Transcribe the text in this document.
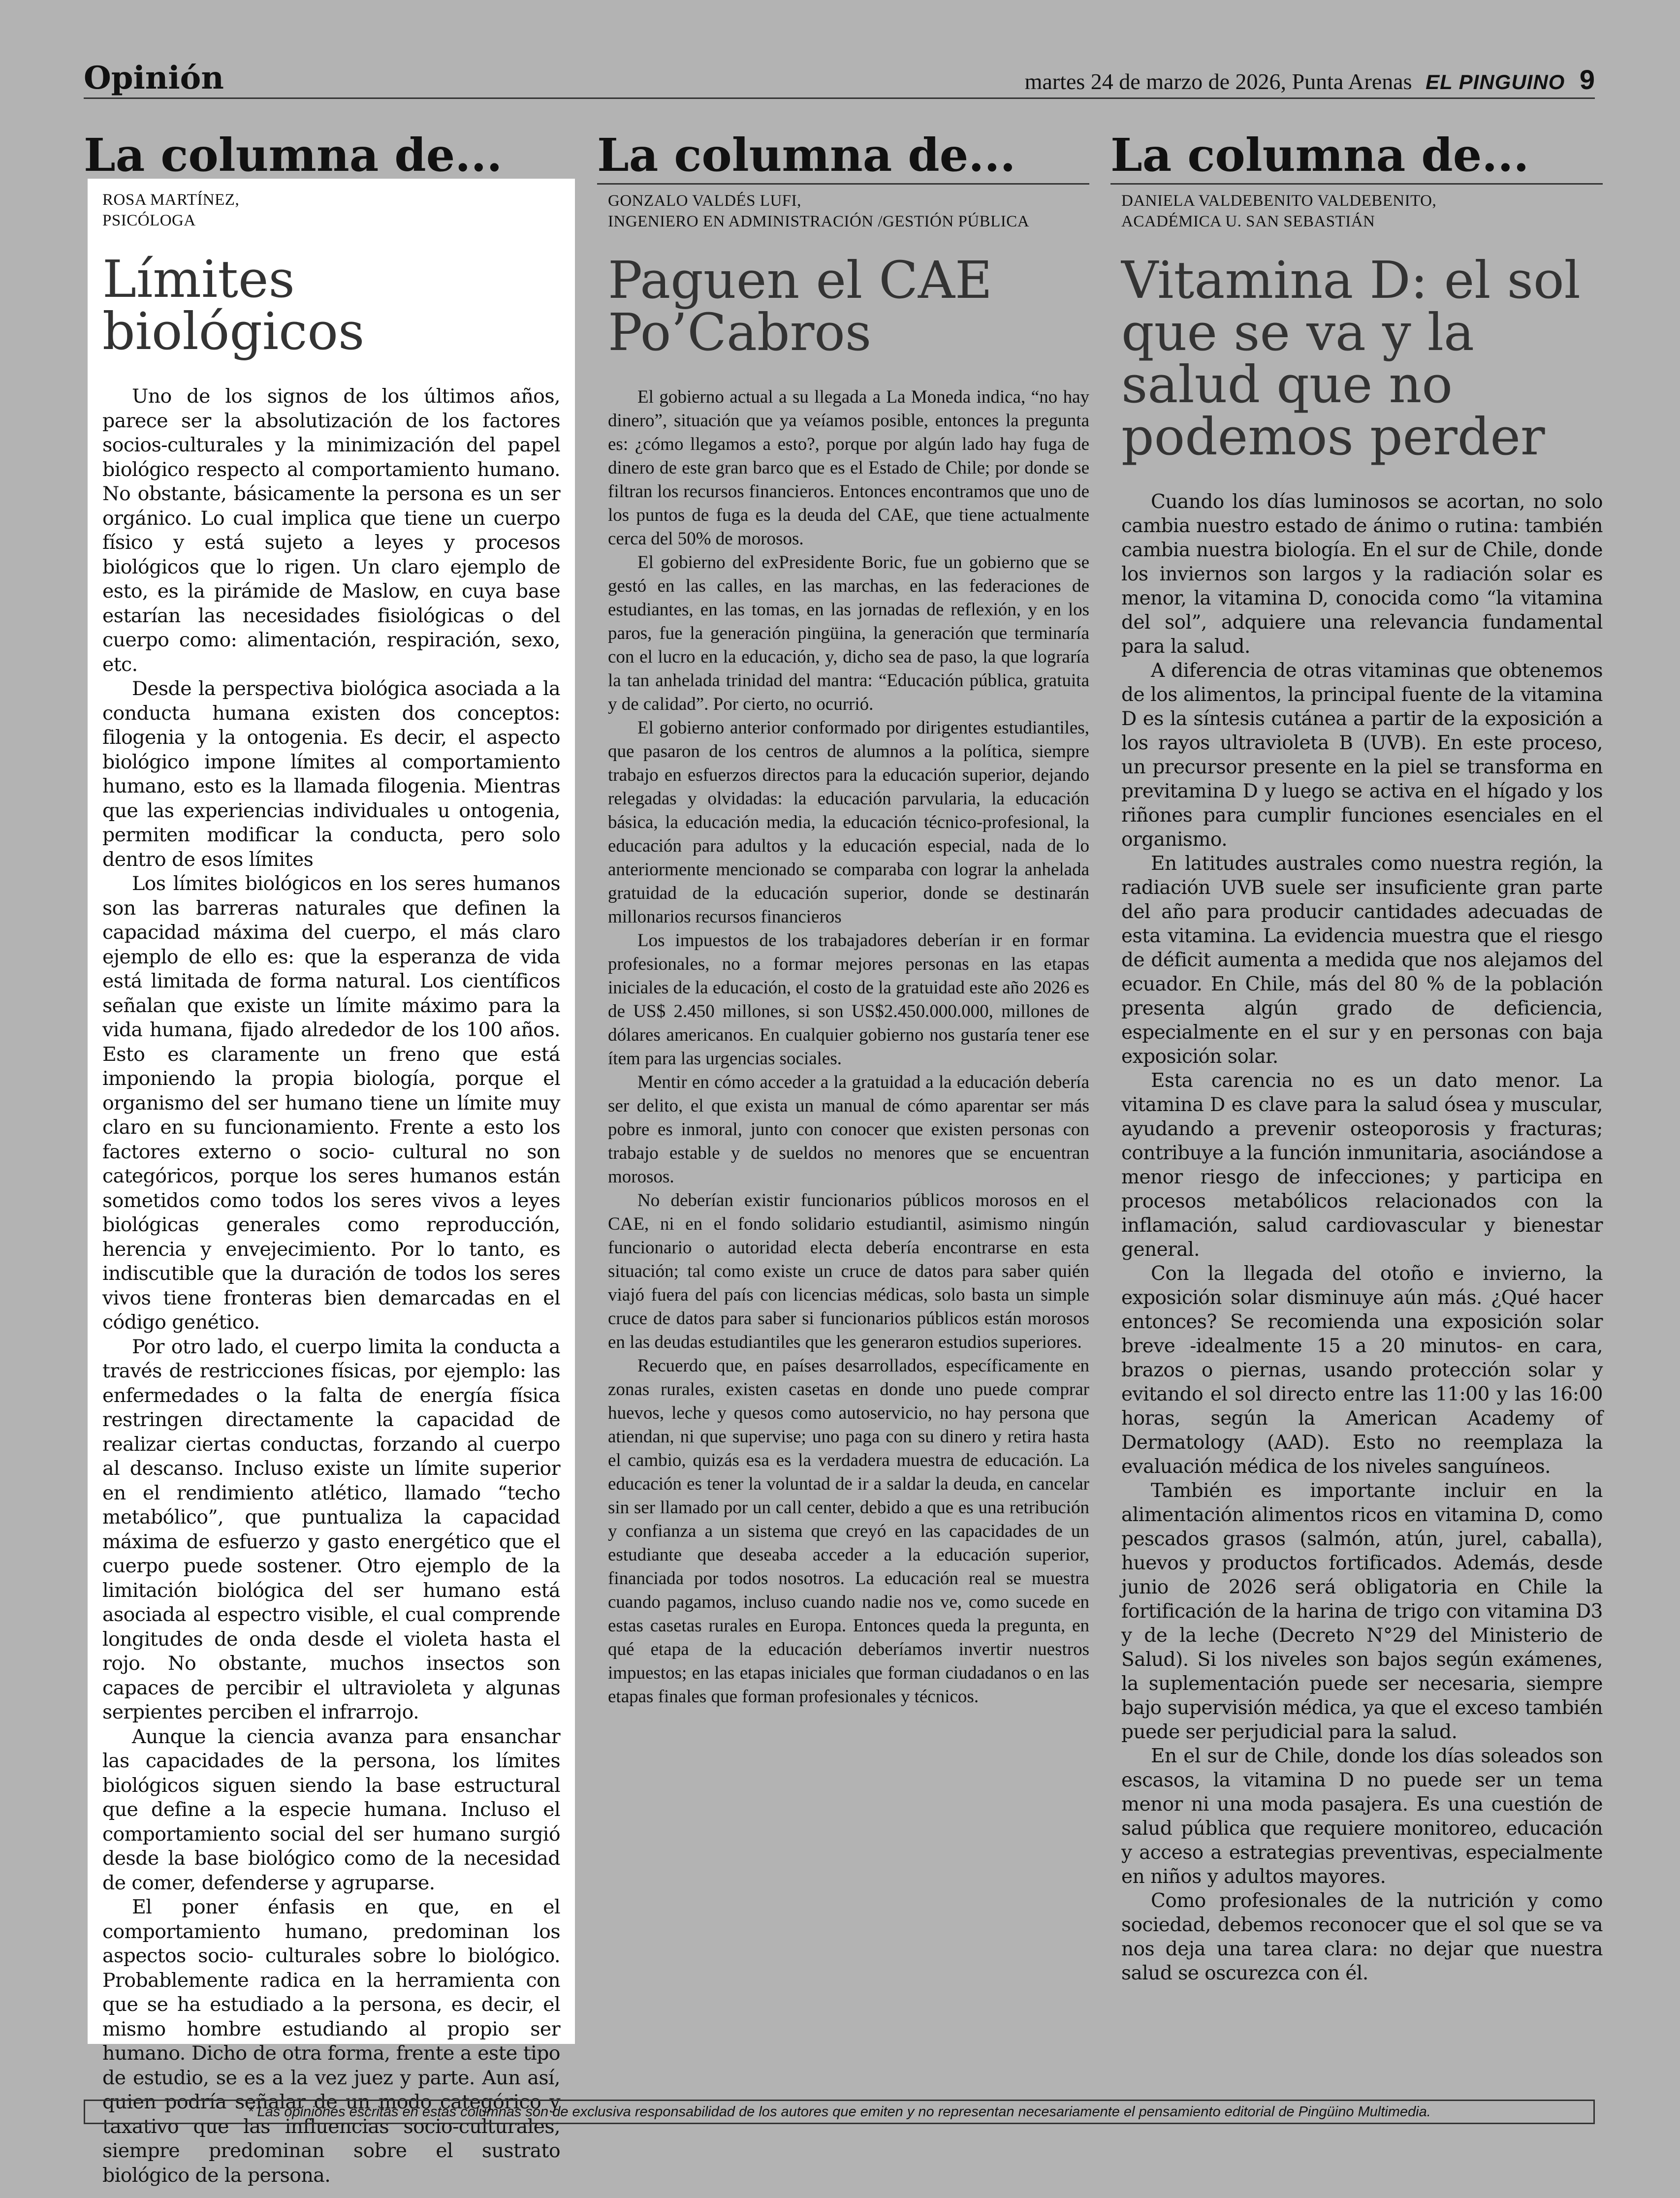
Opinión	martes 24 de marzo de 2026, Punta Arenas EL PINGUINO 9
La columna de...
ROSA MARTÍNEZ,
PSICÓLOGA
Límites biológicos

Uno de los signos de los últimos años, parece ser la absolutización de los factores socios-culturales y la minimización del papel biológico respecto al comportamiento humano. No obstante, básicamente la persona es un ser orgánico. Lo cual implica que tiene un cuerpo físico y está sujeto a leyes y procesos biológicos que lo rigen. Un claro ejemplo de esto, es la pirámide de Maslow, en cuya base estarían las necesidades fisiológicas o del cuerpo como: alimentación, respiración, sexo, etc.

Desde la perspectiva biológica asociada a la conducta humana existen dos conceptos: filogenia y la ontogenia. Es decir, el aspecto biológico impone límites al comportamiento humano, esto es la llamada filogenia. Mientras que las experiencias individuales u ontogenia, permiten modificar la conducta, pero solo dentro de esos límites

Los límites biológicos en los seres humanos son las barreras naturales que definen la capacidad máxima del cuerpo, el más claro ejemplo de ello es: que la esperanza de vida está limitada de forma natural. Los científicos señalan que existe un límite máximo para la vida humana, fijado alrededor de los 100 años. Esto es claramente un freno que está imponiendo la propia biología, porque el organismo del ser humano tiene un límite muy claro en su funcionamiento. Frente a esto los factores externo o socio- cultural no son categóricos, porque los seres humanos están sometidos como todos los seres vivos a leyes biológicas generales como reproducción, herencia y envejecimiento. Por lo tanto, es indiscutible que la duración de todos los seres vivos tiene fronteras bien demarcadas en el código genético.

Por otro lado, el cuerpo limita la conducta a través de restricciones físicas, por ejemplo: las enfermedades o la falta de energía física restringen directamente la capacidad de realizar ciertas conductas, forzando al cuerpo al descanso. Incluso existe un límite superior en el rendimiento atlético, llamado “techo metabólico”, que puntualiza la capacidad máxima de esfuerzo y gasto energético que el cuerpo puede sostener. Otro ejemplo de la limitación biológica del ser humano está asociada al espectro visible, el cual comprende longitudes de onda desde el violeta hasta el rojo. No obstante, muchos insectos son capaces de percibir el ultravioleta y algunas serpientes perciben el infrarrojo.

Aunque la ciencia avanza para ensanchar las capacidades de la persona, los límites biológicos siguen siendo la base estructural que define a la especie humana. Incluso el comportamiento social del ser humano surgió desde la base biológico como de la necesidad de comer, defenderse y agruparse.

El poner énfasis en que, en el comportamiento humano, predominan los aspectos socio- culturales sobre lo biológico. Probablemente radica en la herramienta con que se ha estudiado a la persona, es decir, el mismo hombre estudiando al propio ser humano. Dicho de otra forma, frente a este tipo de estudio, se es a la vez juez y parte. Aun así, quien podría señalar de un modo categórico y taxativo que las influencias socio-culturales, siempre predominan sobre el sustrato biológico de la persona.

La columna de...
GONZALO VALDÉS LUFI,
INGENIERO EN ADMINISTRACIÓN /GESTIÓN PÚBLICA
Paguen el CAE Po’Cabros

El gobierno actual a su llegada a La Moneda indica, “no hay dinero”, situación que ya veíamos posible, entonces la pregunta es: ¿cómo llegamos a esto?, porque por algún lado hay fuga de dinero de este gran barco que es el Estado de Chile; por donde se filtran los recursos financieros. Entonces encontramos que uno de los puntos de fuga es la deuda del CAE, que tiene actualmente cerca del 50% de morosos.

El gobierno del exPresidente Boric, fue un gobierno que se gestó en las calles, en las marchas, en las federaciones de estudiantes, en las tomas, en las jornadas de reflexión, y en los paros, fue la generación pingüina, la generación que terminaría con el lucro en la educación, y, dicho sea de paso, la que lograría la tan anhelada trinidad del mantra: “Educación pública, gratuita y de calidad”. Por cierto, no ocurrió.

El gobierno anterior conformado por dirigentes estudiantiles, que pasaron de los centros de alumnos a la política, siempre trabajo en esfuerzos directos para la educación superior, dejando relegadas y olvidadas: la educación parvularia, la educación básica, la educación media, la educación técnico-profesional, la educación para adultos y la educación especial, nada de lo anteriormente mencionado se comparaba con lograr la anhelada gratuidad de la educación superior, donde se destinarán millonarios recursos financieros

Los impuestos de los trabajadores deberían ir en formar profesionales, no a formar mejores personas en las etapas iniciales de la educación, el costo de la gratuidad este año 2026 es de US$ 2.450 millones, si son US$2.450.000.000, millones de dólares americanos. En cualquier gobierno nos gustaría tener ese ítem para las urgencias sociales.

Mentir en cómo acceder a la gratuidad a la educación debería ser delito, el que exista un manual de cómo aparentar ser más pobre es inmoral, junto con conocer que existen personas con trabajo estable y de sueldos no menores que se encuentran morosos.

No deberían existir funcionarios públicos morosos en el CAE, ni en el fondo solidario estudiantil, asimismo ningún funcionario o autoridad electa debería encontrarse en esta situación; tal como existe un cruce de datos para saber quién viajó fuera del país con licencias médicas, solo basta un simple cruce de datos para saber si funcionarios públicos están morosos en las deudas estudiantiles que les generaron estudios superiores.

Recuerdo que, en países desarrollados, específicamente en zonas rurales, existen casetas en donde uno puede comprar huevos, leche y quesos como autoservicio, no hay persona que atiendan, ni que supervise; uno paga con su dinero y retira hasta el cambio, quizás esa es la verdadera muestra de educación. La educación es tener la voluntad de ir a saldar la deuda, en cancelar sin ser llamado por un call center, debido a que es una retribución y confianza a un sistema que creyó en las capacidades de un estudiante que deseaba acceder a la educación superior, financiada por todos nosotros. La educación real se muestra cuando pagamos, incluso cuando nadie nos ve, como sucede en estas casetas rurales en Europa. Entonces queda la pregunta, en qué etapa de la educación deberíamos invertir nuestros impuestos; en las etapas iniciales que forman ciudadanos o en las etapas finales que forman profesionales y técnicos.

La columna de...
DANIELA VALDEBENITO VALDEBENITO,
ACADÉMICA U. SAN SEBASTIÁN
Vitamina D: el sol que se va y la salud que no podemos perder

Cuando los días luminosos se acortan, no solo cambia nuestro estado de ánimo o rutina: también cambia nuestra biología. En el sur de Chile, donde los inviernos son largos y la radiación solar es menor, la vitamina D, conocida como “la vitamina del sol”, adquiere una relevancia fundamental para la salud.

A diferencia de otras vitaminas que obtenemos de los alimentos, la principal fuente de la vitamina D es la síntesis cutánea a partir de la exposición a los rayos ultravioleta B (UVB). En este proceso, un precursor presente en la piel se transforma en previtamina D y luego se activa en el hígado y los riñones para cumplir funciones esenciales en el organismo.

En latitudes australes como nuestra región, la radiación UVB suele ser insuficiente gran parte del año para producir cantidades adecuadas de esta vitamina. La evidencia muestra que el riesgo de déficit aumenta a medida que nos alejamos del ecuador. En Chile, más del 80 % de la población presenta algún grado de deficiencia, especialmente en el sur y en personas con baja exposición solar.

Esta carencia no es un dato menor. La vitamina D es clave para la salud ósea y muscular, ayudando a prevenir osteoporosis y fracturas; contribuye a la función inmunitaria, asociándose a menor riesgo de infecciones; y participa en procesos metabólicos relacionados con la inflamación, salud cardiovascular y bienestar general.

Con la llegada del otoño e invierno, la exposición solar disminuye aún más. ¿Qué hacer entonces? Se recomienda una exposición solar breve -idealmente 15 a 20 minutos- en cara, brazos o piernas, usando protección solar y evitando el sol directo entre las 11:00 y las 16:00 horas, según la American Academy of Dermatology (AAD). Esto no reemplaza la evaluación médica de los niveles sanguíneos.

También es importante incluir en la alimentación alimentos ricos en vitamina D, como pescados grasos (salmón, atún, jurel, caballa), huevos y productos fortificados. Además, desde junio de 2026 será obligatoria en Chile la fortificación de la harina de trigo con vitamina D3 y de la leche (Decreto N°29 del Ministerio de Salud). Si los niveles son bajos según exámenes, la suplementación puede ser necesaria, siempre bajo supervisión médica, ya que el exceso también puede ser perjudicial para la salud.

En el sur de Chile, donde los días soleados son escasos, la vitamina D no puede ser un tema menor ni una moda pasajera. Es una cuestión de salud pública que requiere monitoreo, educación y acceso a estrategias preventivas, especialmente en niños y adultos mayores.

Como profesionales de la nutrición y como sociedad, debemos reconocer que el sol que se va nos deja una tarea clara: no dejar que nuestra salud se oscurezca con él.

* Las opiniones escritas en estas columnas son de exclusiva responsabilidad de los autores que emiten y no representan necesariamente el pensamiento editorial de Pingüino Multimedia.
